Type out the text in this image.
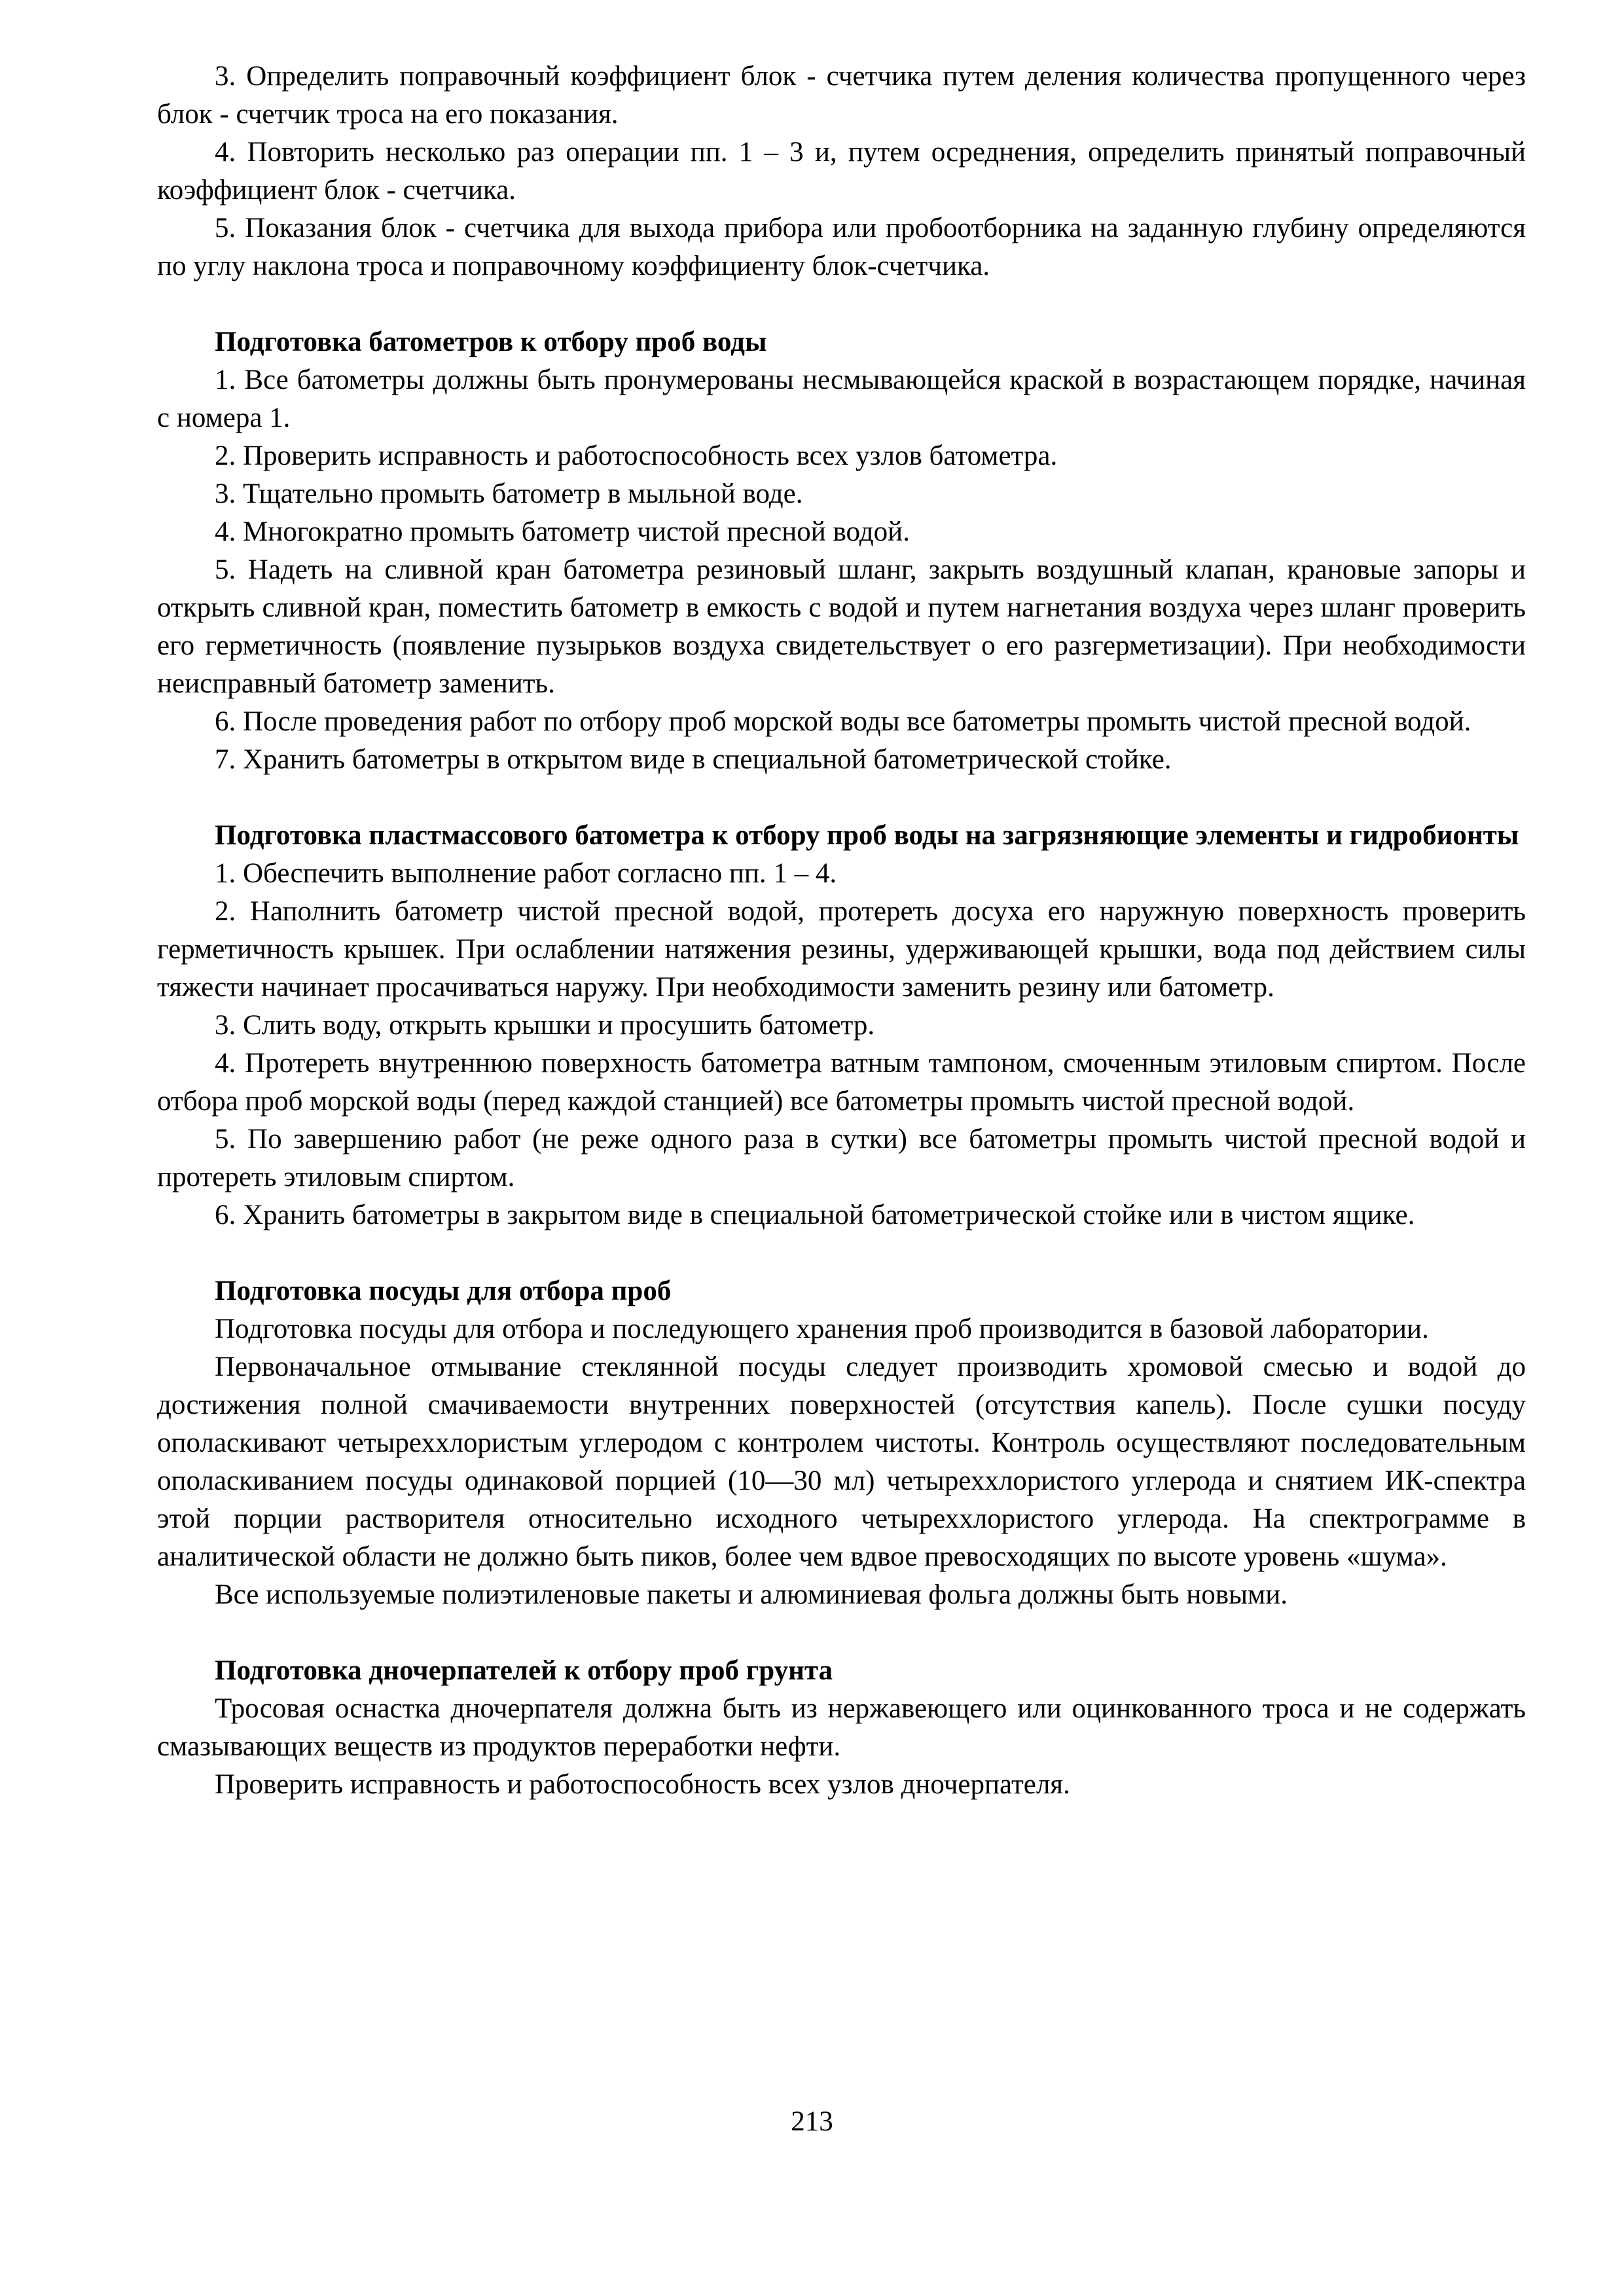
3. Определить поправочный коэффициент блок - счетчика путем деления количества пропущенного через блок - счетчик троса на его показания.

4. Повторить несколько раз операции пп. 1 – 3 и, путем осреднения, определить принятый поправочный коэффициент блок - счетчика.

5. Показания блок - счетчика для выхода прибора или пробоотборника на заданную глубину определяются по углу наклона троса и поправочному коэффициенту блок-счетчика.

Подготовка батометров к отбору проб воды

1. Все батометры должны быть пронумерованы несмывающейся краской в возрастающем порядке, начиная с номера 1.

2. Проверить исправность и работоспособность всех узлов батометра.

3. Тщательно промыть батометр в мыльной воде.

4. Многократно промыть батометр чистой пресной водой.

5. Надеть на сливной кран батометра резиновый шланг, закрыть воздушный клапан, крановые запоры и открыть сливной кран, поместить батометр в емкость с водой и путем нагнетания воздуха через шланг проверить его герметичность (появление пузырьков воздуха свидетельствует о его разгерметизации). При необходимости неисправный батометр заменить.

6. После проведения работ по отбору проб морской воды все батометры промыть чистой пресной водой.

7. Хранить батометры в открытом виде в специальной батометрической стойке.

Подготовка пластмассового батометра к отбору проб воды на загрязняющие элементы и гидробионты

1. Обеспечить выполнение работ согласно пп. 1 – 4.

2. Наполнить батометр чистой пресной водой, протереть досуха его наружную поверхность проверить герметичность крышек. При ослаблении натяжения резины, удерживающей крышки, вода под действием силы тяжести начинает просачиваться наружу. При необходимости заменить резину или батометр.

3. Слить воду, открыть крышки и просушить батометр.

4. Протереть внутреннюю поверхность батометра ватным тампоном, смоченным этиловым спиртом. После отбора проб морской воды (перед каждой станцией) все батометры промыть чистой пресной водой.

5. По завершению работ (не реже одного раза в сутки) все батометры промыть чистой пресной водой и протереть этиловым спиртом.

6. Хранить батометры в закрытом виде в специальной батометрической стойке или в чистом ящике.

Подготовка посуды для отбора проб

Подготовка посуды для отбора и последующего хранения проб производится в базовой лаборатории.

Первоначальное отмывание стеклянной посуды следует производить хромовой смесью и водой до достижения полной смачиваемости внутренних поверхностей (отсутствия капель). После сушки посуду ополаскивают четыреххлористым углеродом с контролем чистоты. Контроль осуществляют последовательным ополаскиванием посуды одинаковой порцией (10—30 мл) четыреххлористого углерода и снятием ИК-спектра этой порции растворителя относительно исходного четыреххлористого углерода. На спектрограмме в аналитической области не должно быть пиков, более чем вдвое превосходящих по высоте уровень «шума».

Все используемые полиэтиленовые пакеты и алюминиевая фольга должны быть новыми.

Подготовка дночерпателей к отбору проб грунта

Тросовая оснастка дночерпателя должна быть из нержавеющего или оцинкованного троса и не содержать смазывающих веществ из продуктов переработки нефти.

Проверить исправность и работоспособность всех узлов дночерпателя.

213
